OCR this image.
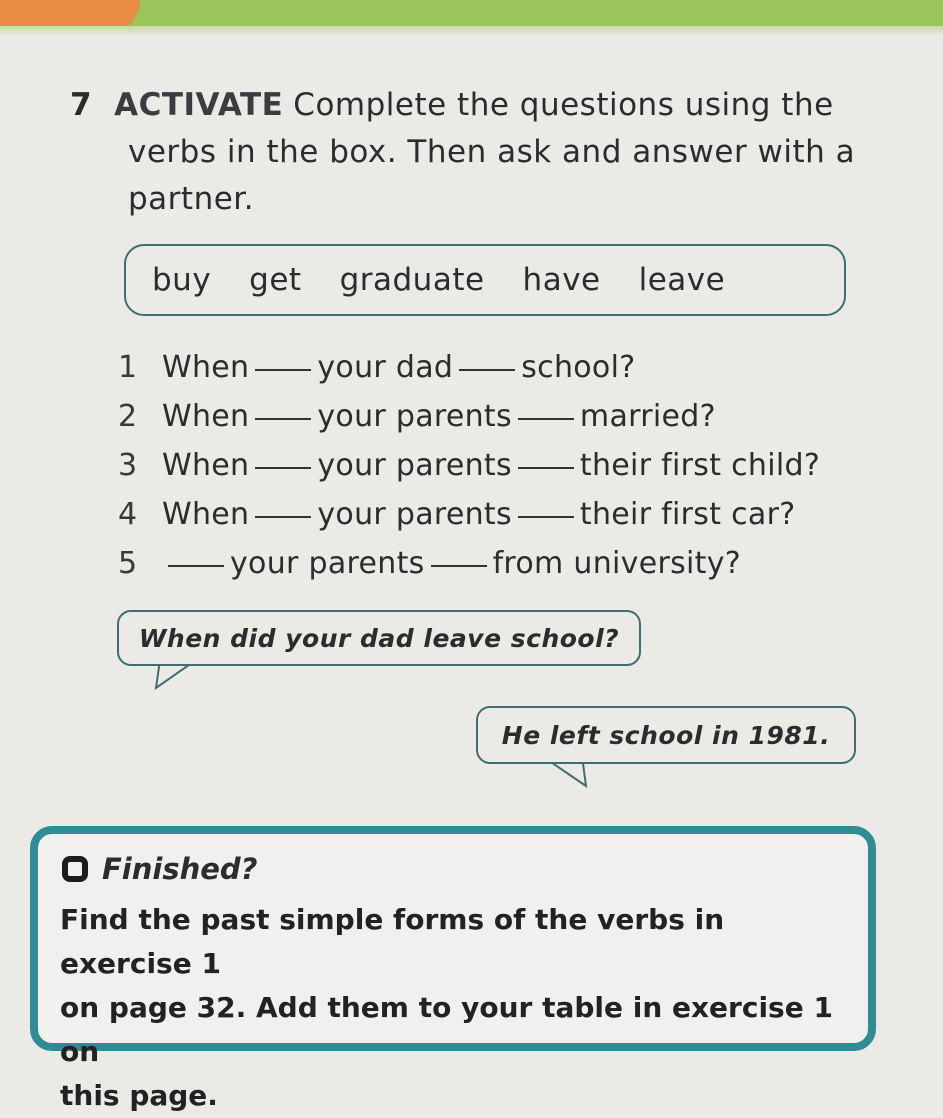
7 ACTIVATE Complete the questions using the
verbs in the box. Then ask and answer with a
partner.
buy get graduate have leave
1 When your dad school?
2 When your parents married?
3 When your parents their first child?
4 When your parents their first car?
5	your parents from university?
When did your dad leave school?
He left school in 1981.
Finished?
Find the past simple forms of the verbs in exercise 1
on page 32. Add them to your table in exercise 1 on
this page.
